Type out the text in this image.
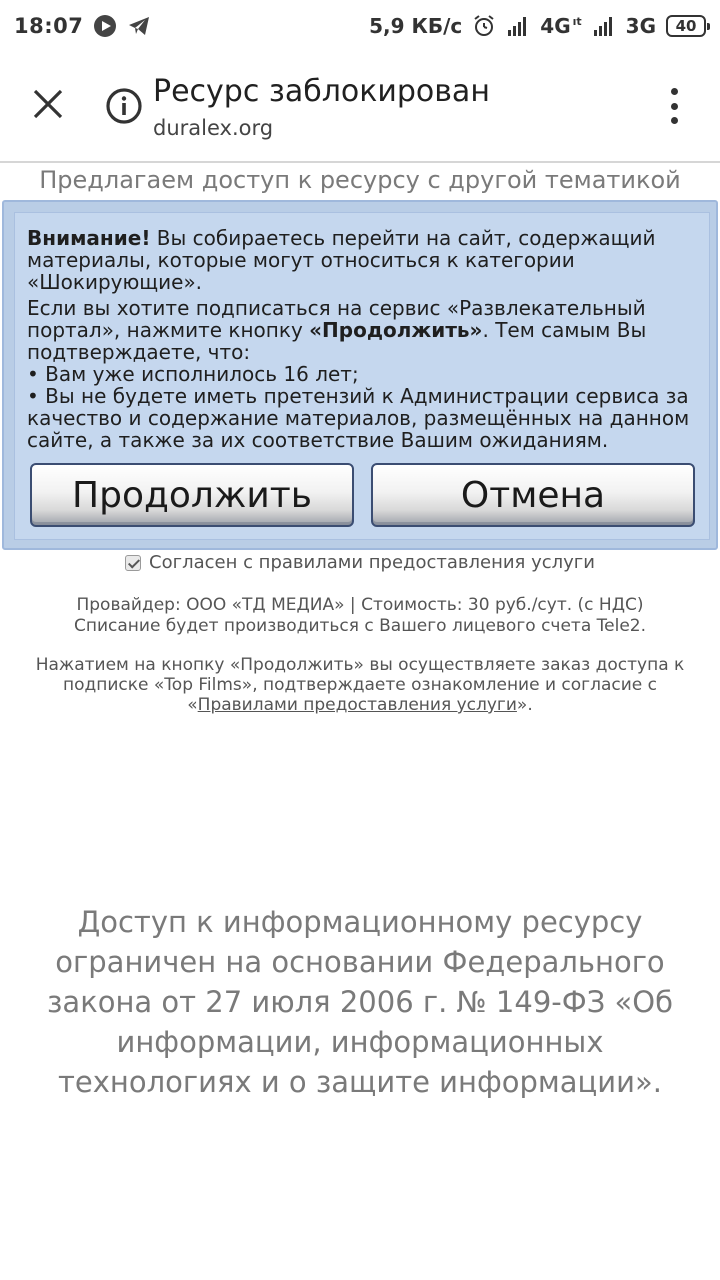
18:07	5,9 КБ/с	4G ıt 3G	40
Ресурс заблокирован
duralex.org
Предлагаем доступ к ресурсу с другой тематикой

Внимание! Вы собираетесь перейти на сайт, содержащий материалы, которые могут относиться к категории «Шокирующие».

Если вы хотите подписаться на сервис «Развлекательный портал», нажмите кнопку «Продолжить». Тем самым Вы подтверждаете, что:
• Вам уже исполнилось 16 лет;
• Вы не будете иметь претензий к Администрации сервиса за качество и содержание материалов, размещённых на данном сайте, а также за их соответствие Вашим ожиданиям.

Продолжить	Отмена
Согласен с правилами предоставления услуги
Провайдер: ООО «ТД МЕДИА» | Стоимость: 30 руб./сут. (с НДС)
Списание будет производиться с Вашего лицевого счета Tele2.
Нажатием на кнопку «Продолжить» вы осуществляете заказ доступа к подписке «Top Films», подтверждаете ознакомление и согласие с «Правилами предоставления услуги».
Доступ к информационному ресурсу ограничен на основании Федерального закона от 27 июля 2006 г. № 149-ФЗ «Об информации, информационных технологиях и о защите информации».
